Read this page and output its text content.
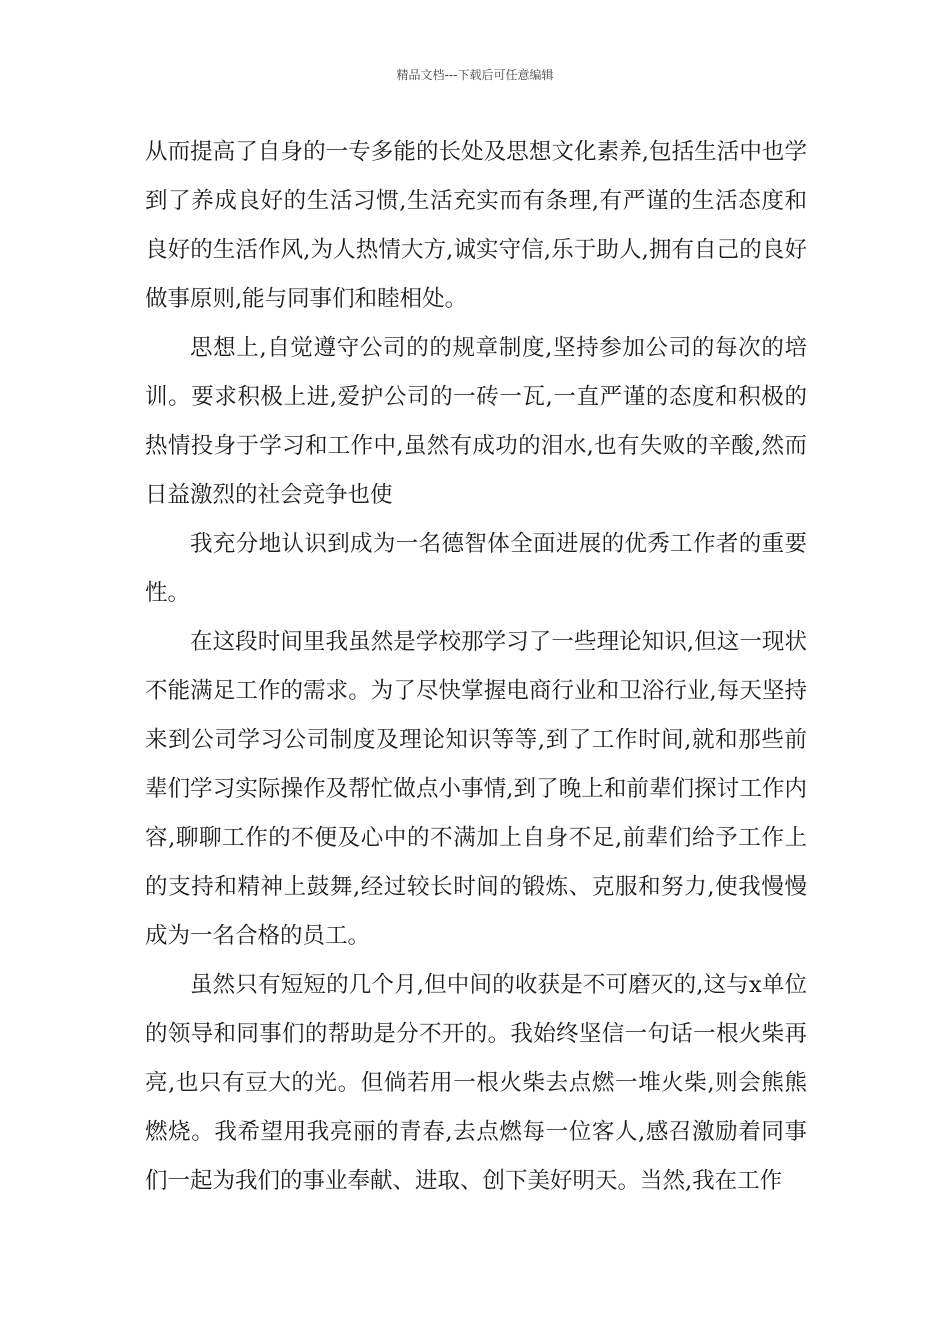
精品文档---下载后可任意编辑

从而提高了自身的一专多能的长处及思想文化素养,包括生活中也学到了养成良好的生活习惯,生活充实而有条理,有严谨的生活态度和良好的生活作风,为人热情大方,诚实守信,乐于助人,拥有自己的良好做事原则,能与同事们和睦相处。

思想上,自觉遵守公司的的规章制度,坚持参加公司的每次的培训。要求积极上进,爱护公司的一砖一瓦,一直严谨的态度和积极的热情投身于学习和工作中,虽然有成功的泪水,也有失败的辛酸,然而日益激烈的社会竞争也使

我充分地认识到成为一名德智体全面进展的优秀工作者的重要性。

在这段时间里我虽然是学校那学习了一些理论知识,但这一现状不能满足工作的需求。为了尽快掌握电商行业和卫浴行业,每天坚持来到公司学习公司制度及理论知识等等,到了工作时间,就和那些前辈们学习实际操作及帮忙做点小事情,到了晚上和前辈们探讨工作内容,聊聊工作的不便及心中的不满加上自身不足,前辈们给予工作上的支持和精神上鼓舞,经过较长时间的锻炼、克服和努力,使我慢慢成为一名合格的员工。

虽然只有短短的几个月,但中间的收获是不可磨灭的,这与x单位的领导和同事们的帮助是分不开的。我始终坚信一句话一根火柴再亮,也只有豆大的光。但倘若用一根火柴去点燃一堆火柴,则会熊熊燃烧。我希望用我亮丽的青春,去点燃每一位客人,感召激励着同事们一起为我们的事业奉献、进取、创下美好明天。当然,我在工作
